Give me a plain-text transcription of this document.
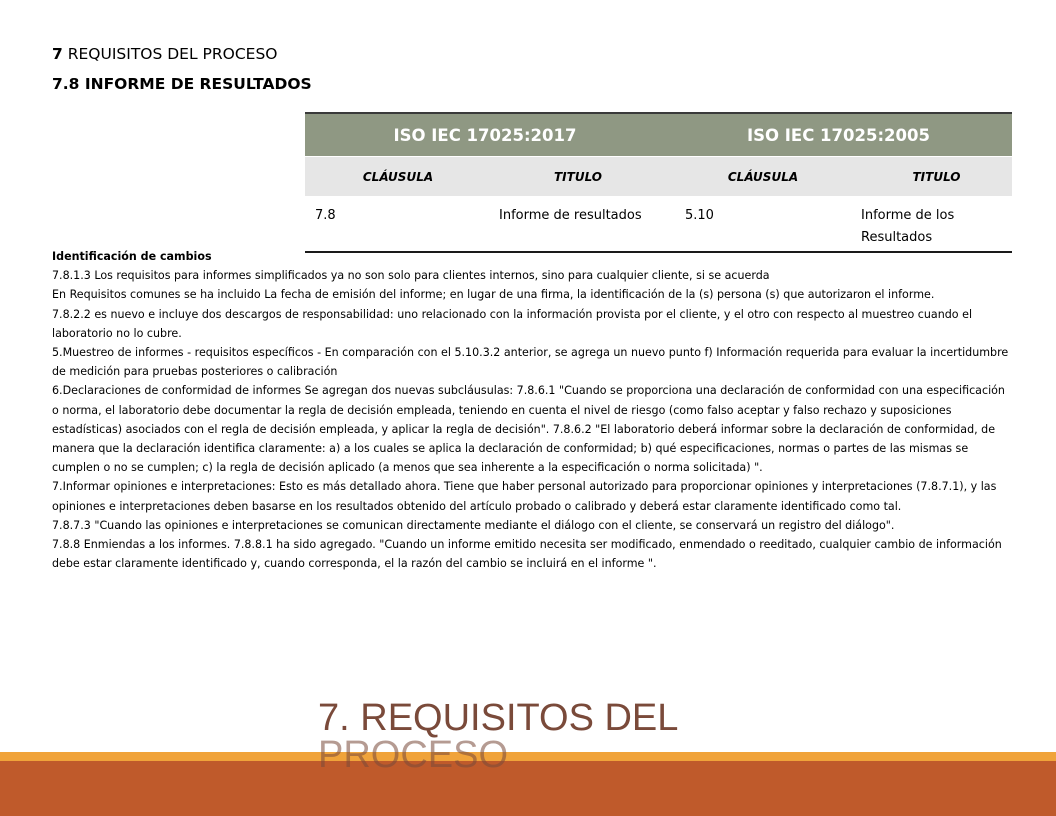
7 REQUISITOS DEL PROCESO
7.8 INFORME DE RESULTADOS
ISO IEC 17025:2017		ISO IEC 17025:2005	
CLÁUSULA	TITULO	CLÁUSULA	TITULO
7.8	Informe de resultados	5.10	Informe de los Resultados

Identificación de cambios

7.8.1.3 Los requisitos para informes simplificados ya no son solo para clientes internos, sino para cualquier cliente, si se acuerda

En Requisitos comunes se ha incluido La fecha de emisión del informe; en lugar de una firma, la identificación de la (s) persona (s) que autorizaron el informe.

7.8.2.2 es nuevo e incluye dos descargos de responsabilidad: uno relacionado con la información provista por el cliente, y el otro con respecto al muestreo cuando el laboratorio no lo cubre.

5.Muestreo de informes - requisitos específicos - En comparación con el 5.10.3.2 anterior, se agrega un nuevo punto f) Información requerida para evaluar la incertidumbre de medición para pruebas posteriores o calibración

6.Declaraciones de conformidad de informes Se agregan dos nuevas subcláusulas: 7.8.6.1 "Cuando se proporciona una declaración de conformidad con una especificación o norma, el laboratorio debe documentar la regla de decisión empleada, teniendo en cuenta el nivel de riesgo (como falso aceptar y falso rechazo y suposiciones estadísticas) asociados con el regla de decisión empleada, y aplicar la regla de decisión". 7.8.6.2 "El laboratorio deberá informar sobre la declaración de conformidad, de manera que la declaración identifica claramente: a) a los cuales se aplica la declaración de conformidad; b) qué especificaciones, normas o partes de las mismas se cumplen o no se cumplen; c) la regla de decisión aplicado (a menos que sea inherente a la especificación o norma solicitada) ".

7.Informar opiniones e interpretaciones: Esto es más detallado ahora. Tiene que haber personal autorizado para proporcionar opiniones y interpretaciones (7.8.7.1), y las opiniones e interpretaciones deben basarse en los resultados obtenido del artículo probado o calibrado y deberá estar claramente identificado como tal.

7.8.7.3 "Cuando las opiniones e interpretaciones se comunican directamente mediante el diálogo con el cliente, se conservará un registro del diálogo".

7.8.8 Enmiendas a los informes. 7.8.8.1 ha sido agregado. "Cuando un informe emitido necesita ser modificado, enmendado o reeditado, cualquier cambio de información debe estar claramente identificado y, cuando corresponda, el la razón del cambio se incluirá en el informe ".

7. REQUISITOS DEL
PROCESO
